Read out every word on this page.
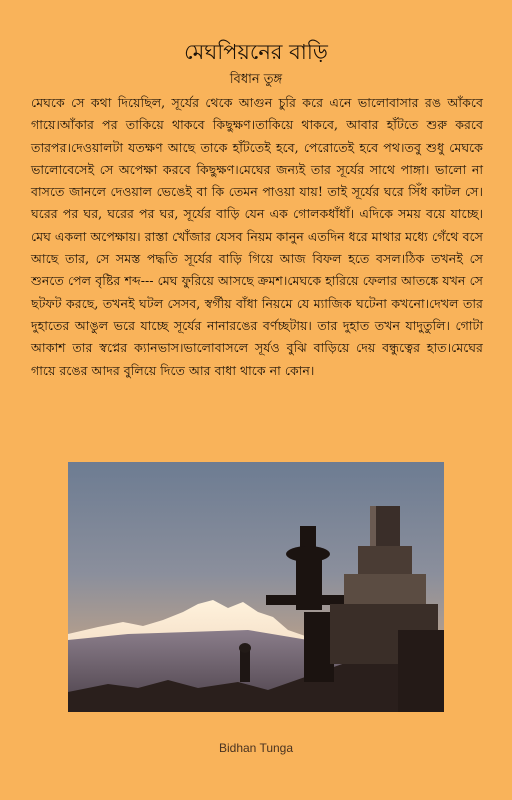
মেঘপিয়নের বাড়ি
বিধান তুঙ্গ

মেঘকে সে কথা দিয়েছিল, সূর্যের থেকে আগুন চুরি করে এনে ভালোবাসার রঙ আঁকবে গায়ে।আঁকার পর তাকিয়ে থাকবে কিছুক্ষণ।তাকিয়ে থাকবে, আবার হাঁটতে শুরু করবে তারপর।দেওয়ালটা যতক্ষণ আছে তাকে হাঁটতেই হবে, পেরোতেই হবে পথ।তবু শুধু মেঘকে ভালোবেসেই সে অপেক্ষা করবে কিছুক্ষণ।মেঘের জন্যই তার সূর্যের সাথে পাঙ্গা। ভালো না বাসতে জানলে দেওয়াল ভেঙেই বা কি তেমন পাওয়া যায়! তাই সূর্যের ঘরে সিঁধ কাটল সে। ঘরের পর ঘর, ঘরের পর ঘর, সূর্যের বাড়ি যেন এক গোলকধাঁধাঁ। এদিকে সময় বয়ে যাচ্ছে। মেঘ একলা অপেক্ষায়। রাস্তা খোঁজার যেসব নিয়ম কানুন এতদিন ধরে মাথার মধ্যে গেঁথে বসে আছে তার, সে সমস্ত পদ্ধতি সূর্যের বাড়ি গিয়ে আজ বিফল হতে বসল।ঠিক তখনই সে শুনতে পেল বৃষ্টির শব্দ--- মেঘ ফুরিয়ে আসছে ক্রমশ।মেঘকে হারিয়ে ফেলার আতঙ্কে যখন সে ছটফট করছে, তখনই ঘটল সেসব, স্বর্গীয় বাঁধা নিয়মে যে ম্যাজিক ঘটেনা কখনো।দেখল তার দুহাতের আঙুল ভরে যাচ্ছে সূর্যের নানারঙের বর্ণচ্ছটায়। তার দুহাত তখন যাদুতুলি। গোটা আকাশ তার স্বপ্নের ক্যানভাস।ভালোবাসলে সূর্যও বুঝি বাড়িয়ে দেয় বন্ধুত্বের হাত।মেঘের গায়ে রঙের আদর বুলিয়ে দিতে আর বাধা থাকে না কোন।

Bidhan Tunga
